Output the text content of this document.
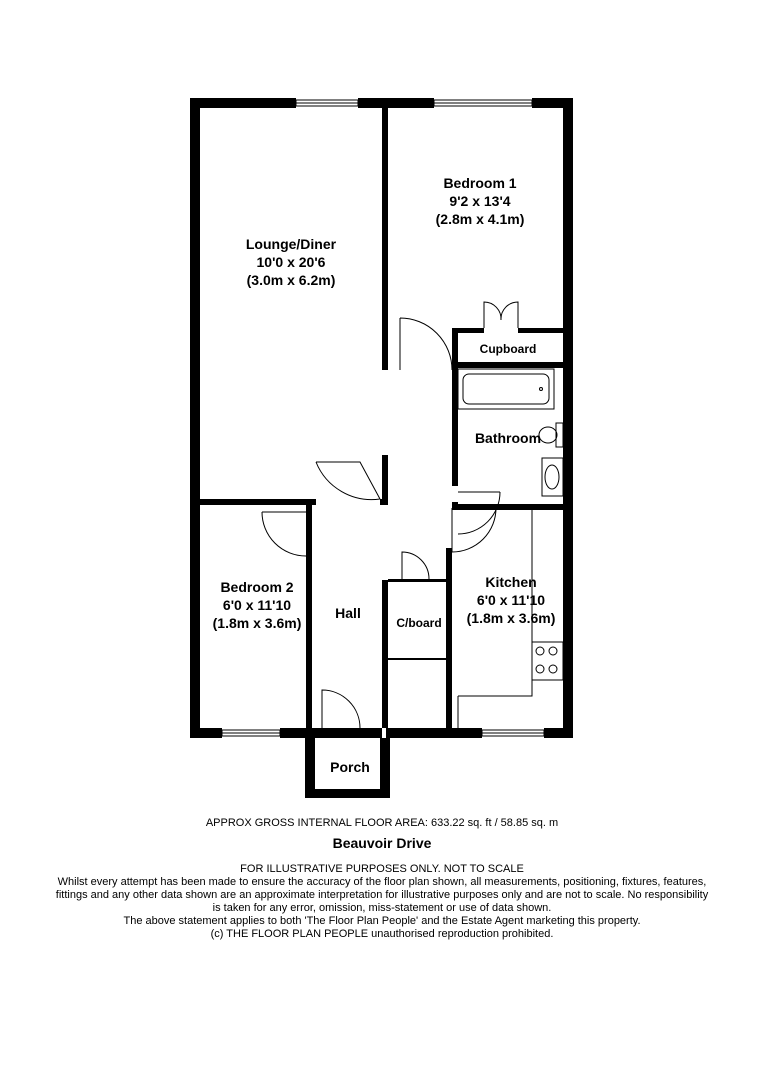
Lounge/Diner
10'0 x 20'6
(3.0m x 6.2m)
Bedroom 1
9'2 x 13'4
(2.8m x 4.1m)
Bedroom 2
6'0 x 11'10
(1.8m x 3.6m)
Kitchen
6'0 x 11'10
(1.8m x 3.6m)
Cupboard
Bathroom
Hall
C/board
Porch
APPROX GROSS INTERNAL FLOOR AREA: 633.22 sq. ft / 58.85 sq. m
Beauvoir Drive
FOR ILLUSTRATIVE PURPOSES ONLY. NOT TO SCALE
Whilst every attempt has been made to ensure the accuracy of the floor plan shown, all measurements, positioning, fixtures, features,
fittings and any other data shown are an approximate interpretation for illustrative purposes only and are not to scale. No responsibility
is taken for any error, omission, miss-statement or use of data shown.
The above statement applies to both 'The Floor Plan People' and the Estate Agent marketing this property.
(c) THE FLOOR PLAN PEOPLE unauthorised reproduction prohibited.
